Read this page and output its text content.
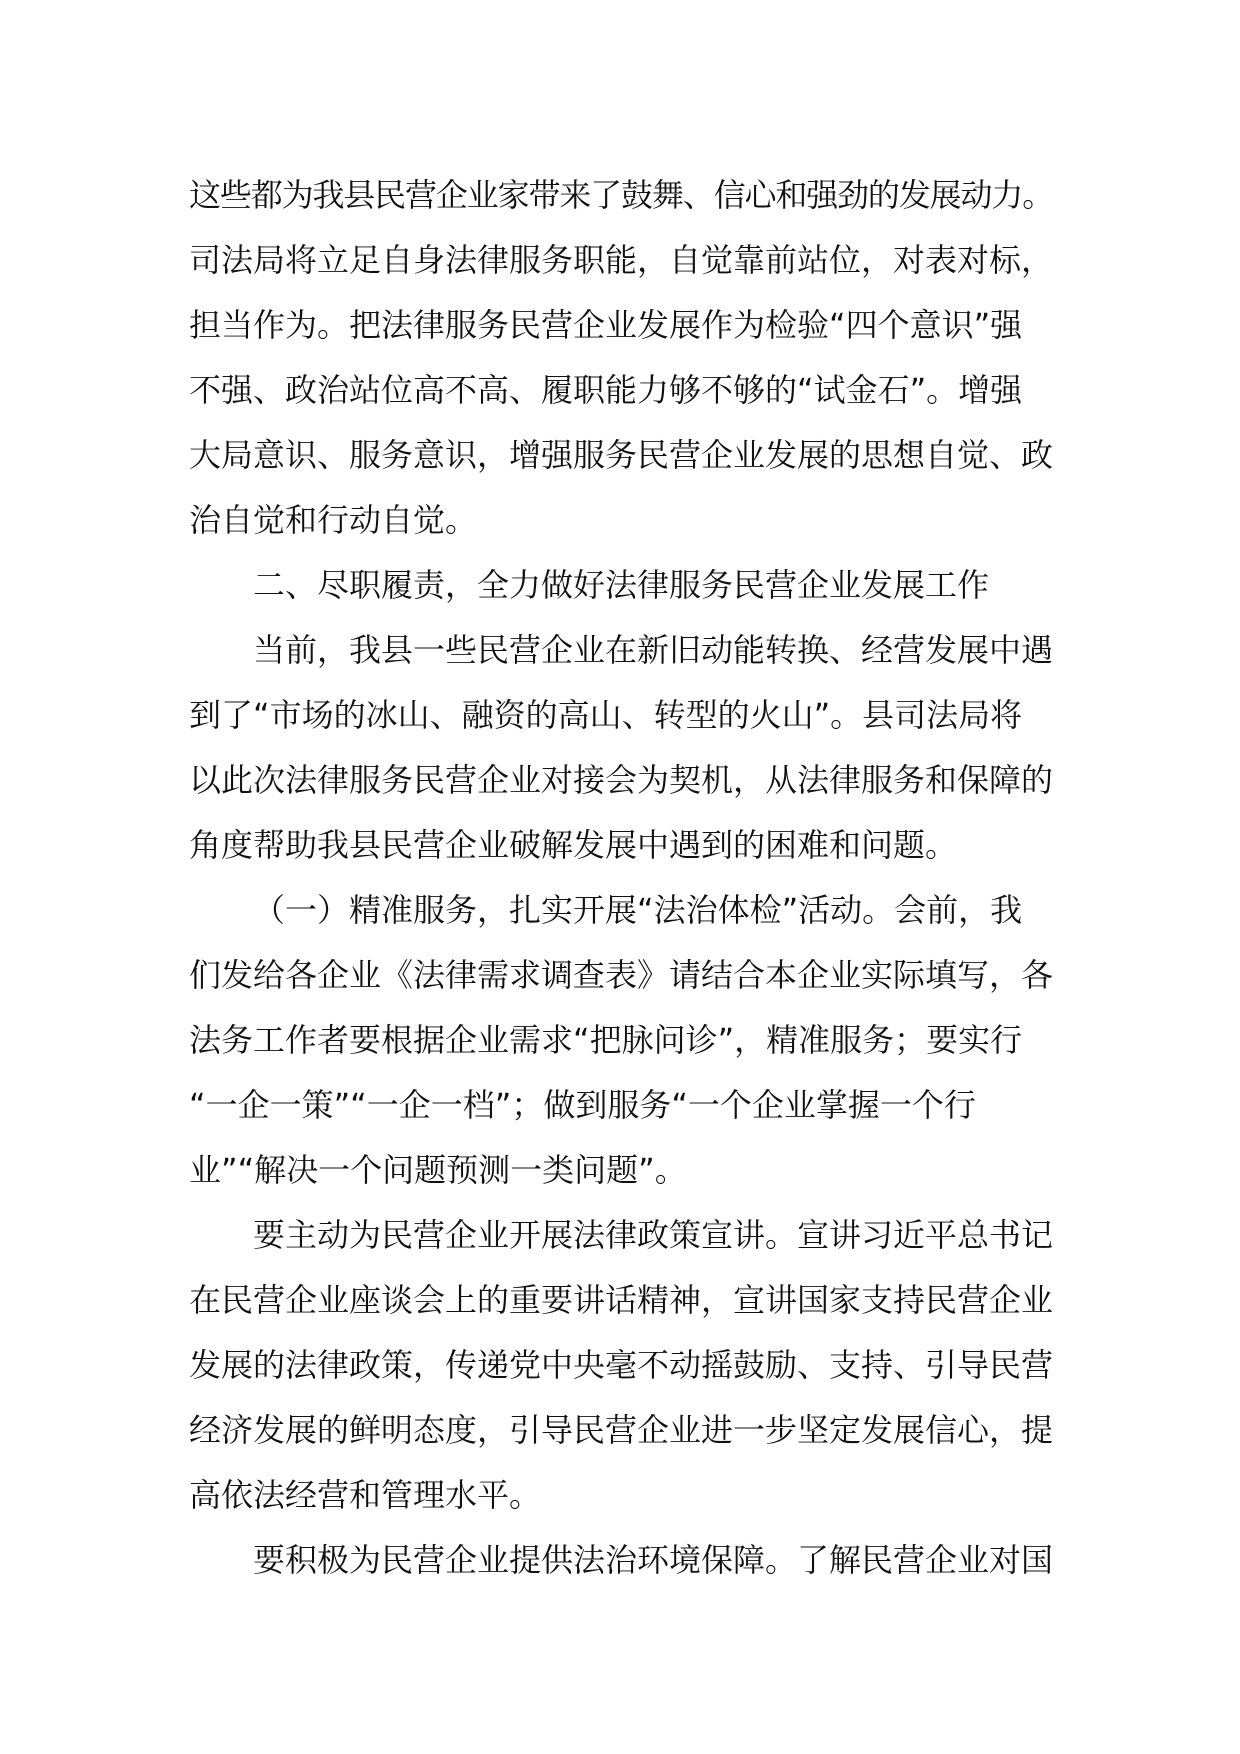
这些都为我县民营企业家带来了鼓舞、信心和强劲的发展动力。
司法局将立足自身法律服务职能，自觉靠前站位，对表对标，
担当作为。把法律服务民营企业发展作为检验“四个意识”强
不强、政治站位高不高、履职能力够不够的“试金石”。增强
大局意识、服务意识，增强服务民营企业发展的思想自觉、政
治自觉和行动自觉。

二、尽职履责，全力做好法律服务民营企业发展工作

当前，我县一些民营企业在新旧动能转换、经营发展中遇
到了“市场的冰山、融资的高山、转型的火山”。县司法局将
以此次法律服务民营企业对接会为契机，从法律服务和保障的
角度帮助我县民营企业破解发展中遇到的困难和问题。

（一）精准服务，扎实开展“法治体检”活动。会前，我
们发给各企业《法律需求调查表》请结合本企业实际填写，各
法务工作者要根据企业需求“把脉问诊”，精准服务；要实行
“一企一策”“一企一档”；做到服务“一个企业掌握一个行
业”“解决一个问题预测一类问题”。

要主动为民营企业开展法律政策宣讲。宣讲习近平总书记
在民营企业座谈会上的重要讲话精神，宣讲国家支持民营企业
发展的法律政策，传递党中央毫不动摇鼓励、支持、引导民营
经济发展的鲜明态度，引导民营企业进一步坚定发展信心，提
高依法经营和管理水平。

要积极为民营企业提供法治环境保障。了解民营企业对国
